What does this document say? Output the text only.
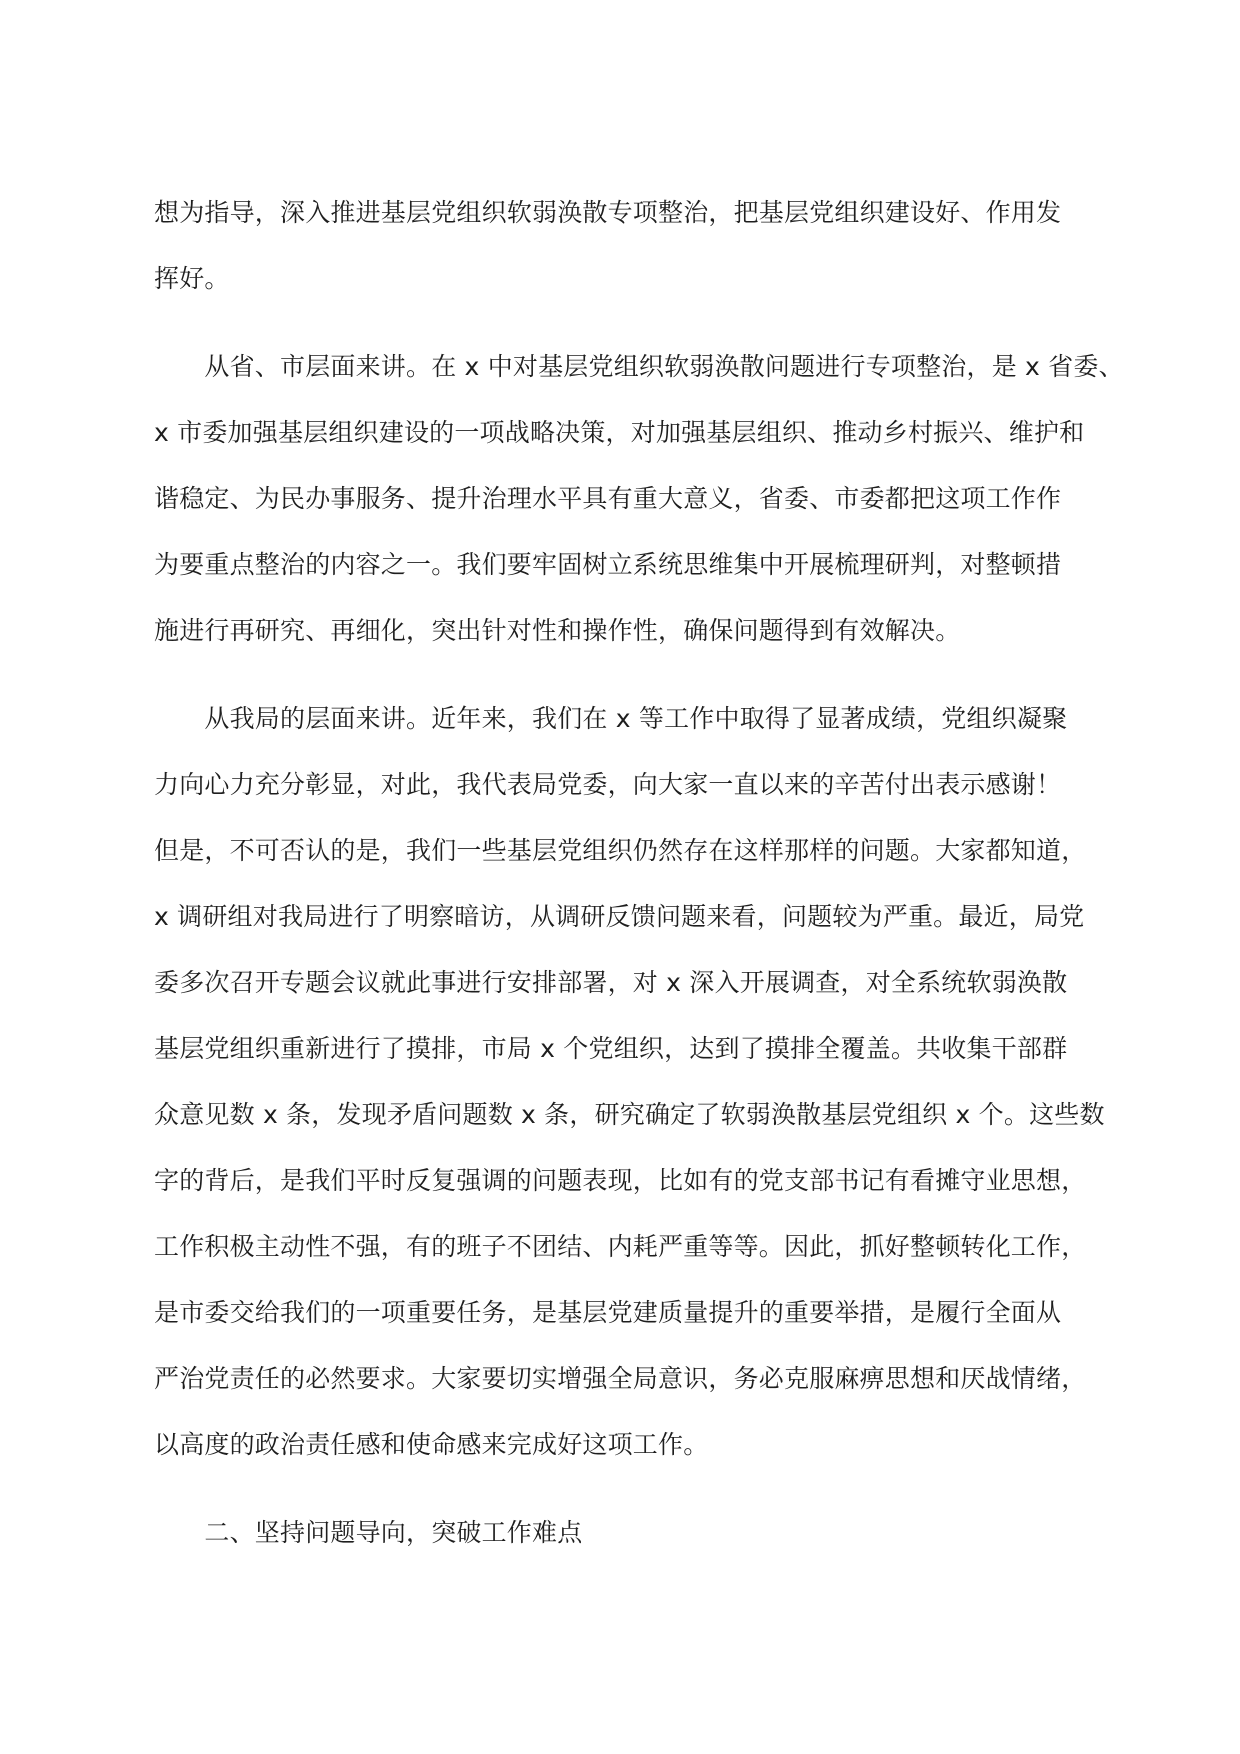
想为指导，深入推进基层党组织软弱涣散专项整治，把基层党组织建设好、作用发

挥好。

　　从省、市层面来讲。在 x 中对基层党组织软弱涣散问题进行专项整治，是 x 省委、

x 市委加强基层组织建设的一项战略决策，对加强基层组织、推动乡村振兴、维护和

谐稳定、为民办事服务、提升治理水平具有重大意义，省委、市委都把这项工作作

为要重点整治的内容之一。我们要牢固树立系统思维集中开展梳理研判，对整顿措

施进行再研究、再细化，突出针对性和操作性，确保问题得到有效解决。

　　从我局的层面来讲。近年来，我们在 x 等工作中取得了显著成绩，党组织凝聚

力向心力充分彰显，对此，我代表局党委，向大家一直以来的辛苦付出表示感谢！

但是，不可否认的是，我们一些基层党组织仍然存在这样那样的问题。大家都知道，

x 调研组对我局进行了明察暗访，从调研反馈问题来看，问题较为严重。最近，局党

委多次召开专题会议就此事进行安排部署，对 x 深入开展调查，对全系统软弱涣散

基层党组织重新进行了摸排，市局 x 个党组织，达到了摸排全覆盖。共收集干部群

众意见数 x 条，发现矛盾问题数 x 条，研究确定了软弱涣散基层党组织 x 个。这些数

字的背后，是我们平时反复强调的问题表现，比如有的党支部书记有看摊守业思想，

工作积极主动性不强，有的班子不团结、内耗严重等等。因此，抓好整顿转化工作，

是市委交给我们的一项重要任务，是基层党建质量提升的重要举措，是履行全面从

严治党责任的必然要求。大家要切实增强全局意识，务必克服麻痹思想和厌战情绪，

以高度的政治责任感和使命感来完成好这项工作。

　　二、坚持问题导向，突破工作难点
